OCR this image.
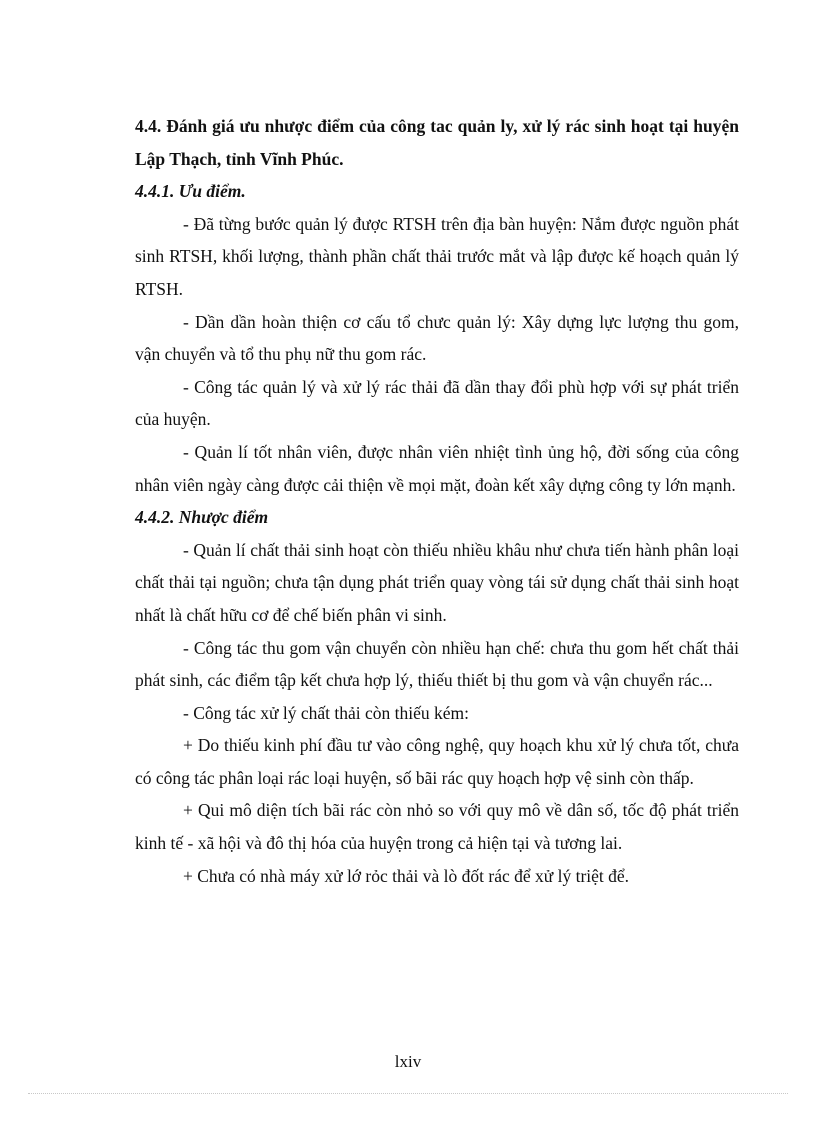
4.4. Đánh giá ưu nhược điểm của công tac quản ly, xử lý rác sinh hoạt tại huyện Lập Thạch, tỉnh Vĩnh Phúc.

4.4.1. Ưu điểm.

- Đã từng bước quản lý được RTSH trên địa bàn huyện: Nắm được nguồn phát sinh RTSH, khối lượng, thành phần chất thải trước mắt và lập được kế hoạch quản lý RTSH.

- Dần dần hoàn thiện cơ cấu tổ chưc quản lý: Xây dựng lực lượng thu gom, vận chuyển và tổ thu phụ nữ thu gom rác.

- Công tác quản lý và xử lý rác thải đã dần thay đổi phù hợp với sự phát triển của huyện.

- Quản lí tốt nhân viên, được nhân viên nhiệt tình ủng hộ, đời sống của công nhân viên ngày càng được cải thiện về mọi mặt, đoàn kết xây dựng công ty lớn mạnh.

4.4.2. Nhược điểm

- Quản lí chất thải sinh hoạt còn thiếu nhiều khâu như chưa tiến hành phân loại chất thải tại nguồn; chưa tận dụng phát triển quay vòng tái sử dụng chất thải sinh hoạt nhất là chất hữu cơ để chế biến phân vi sinh.

- Công tác thu gom vận chuyển còn nhiều hạn chế: chưa thu gom hết chất thải phát sinh, các điểm tập kết chưa hợp lý, thiếu thiết bị thu gom và vận chuyển rác...

- Công tác xử lý chất thải còn thiếu kém:

+ Do thiếu kinh phí đầu tư vào công nghệ, quy hoạch khu xử lý chưa tốt, chưa có công tác phân loại rác loại huyện, số bãi rác quy hoạch hợp vệ sinh còn thấp.

+ Qui mô diện tích bãi rác còn nhỏ so với quy mô về dân số, tốc độ phát triển kinh tế - xã hội và đô thị hóa của huyện trong cả hiện tại và tương lai.

+ Chưa có nhà máy xử lớ rỏc thải và lò đốt rác để xử lý triệt để.

lxiv
